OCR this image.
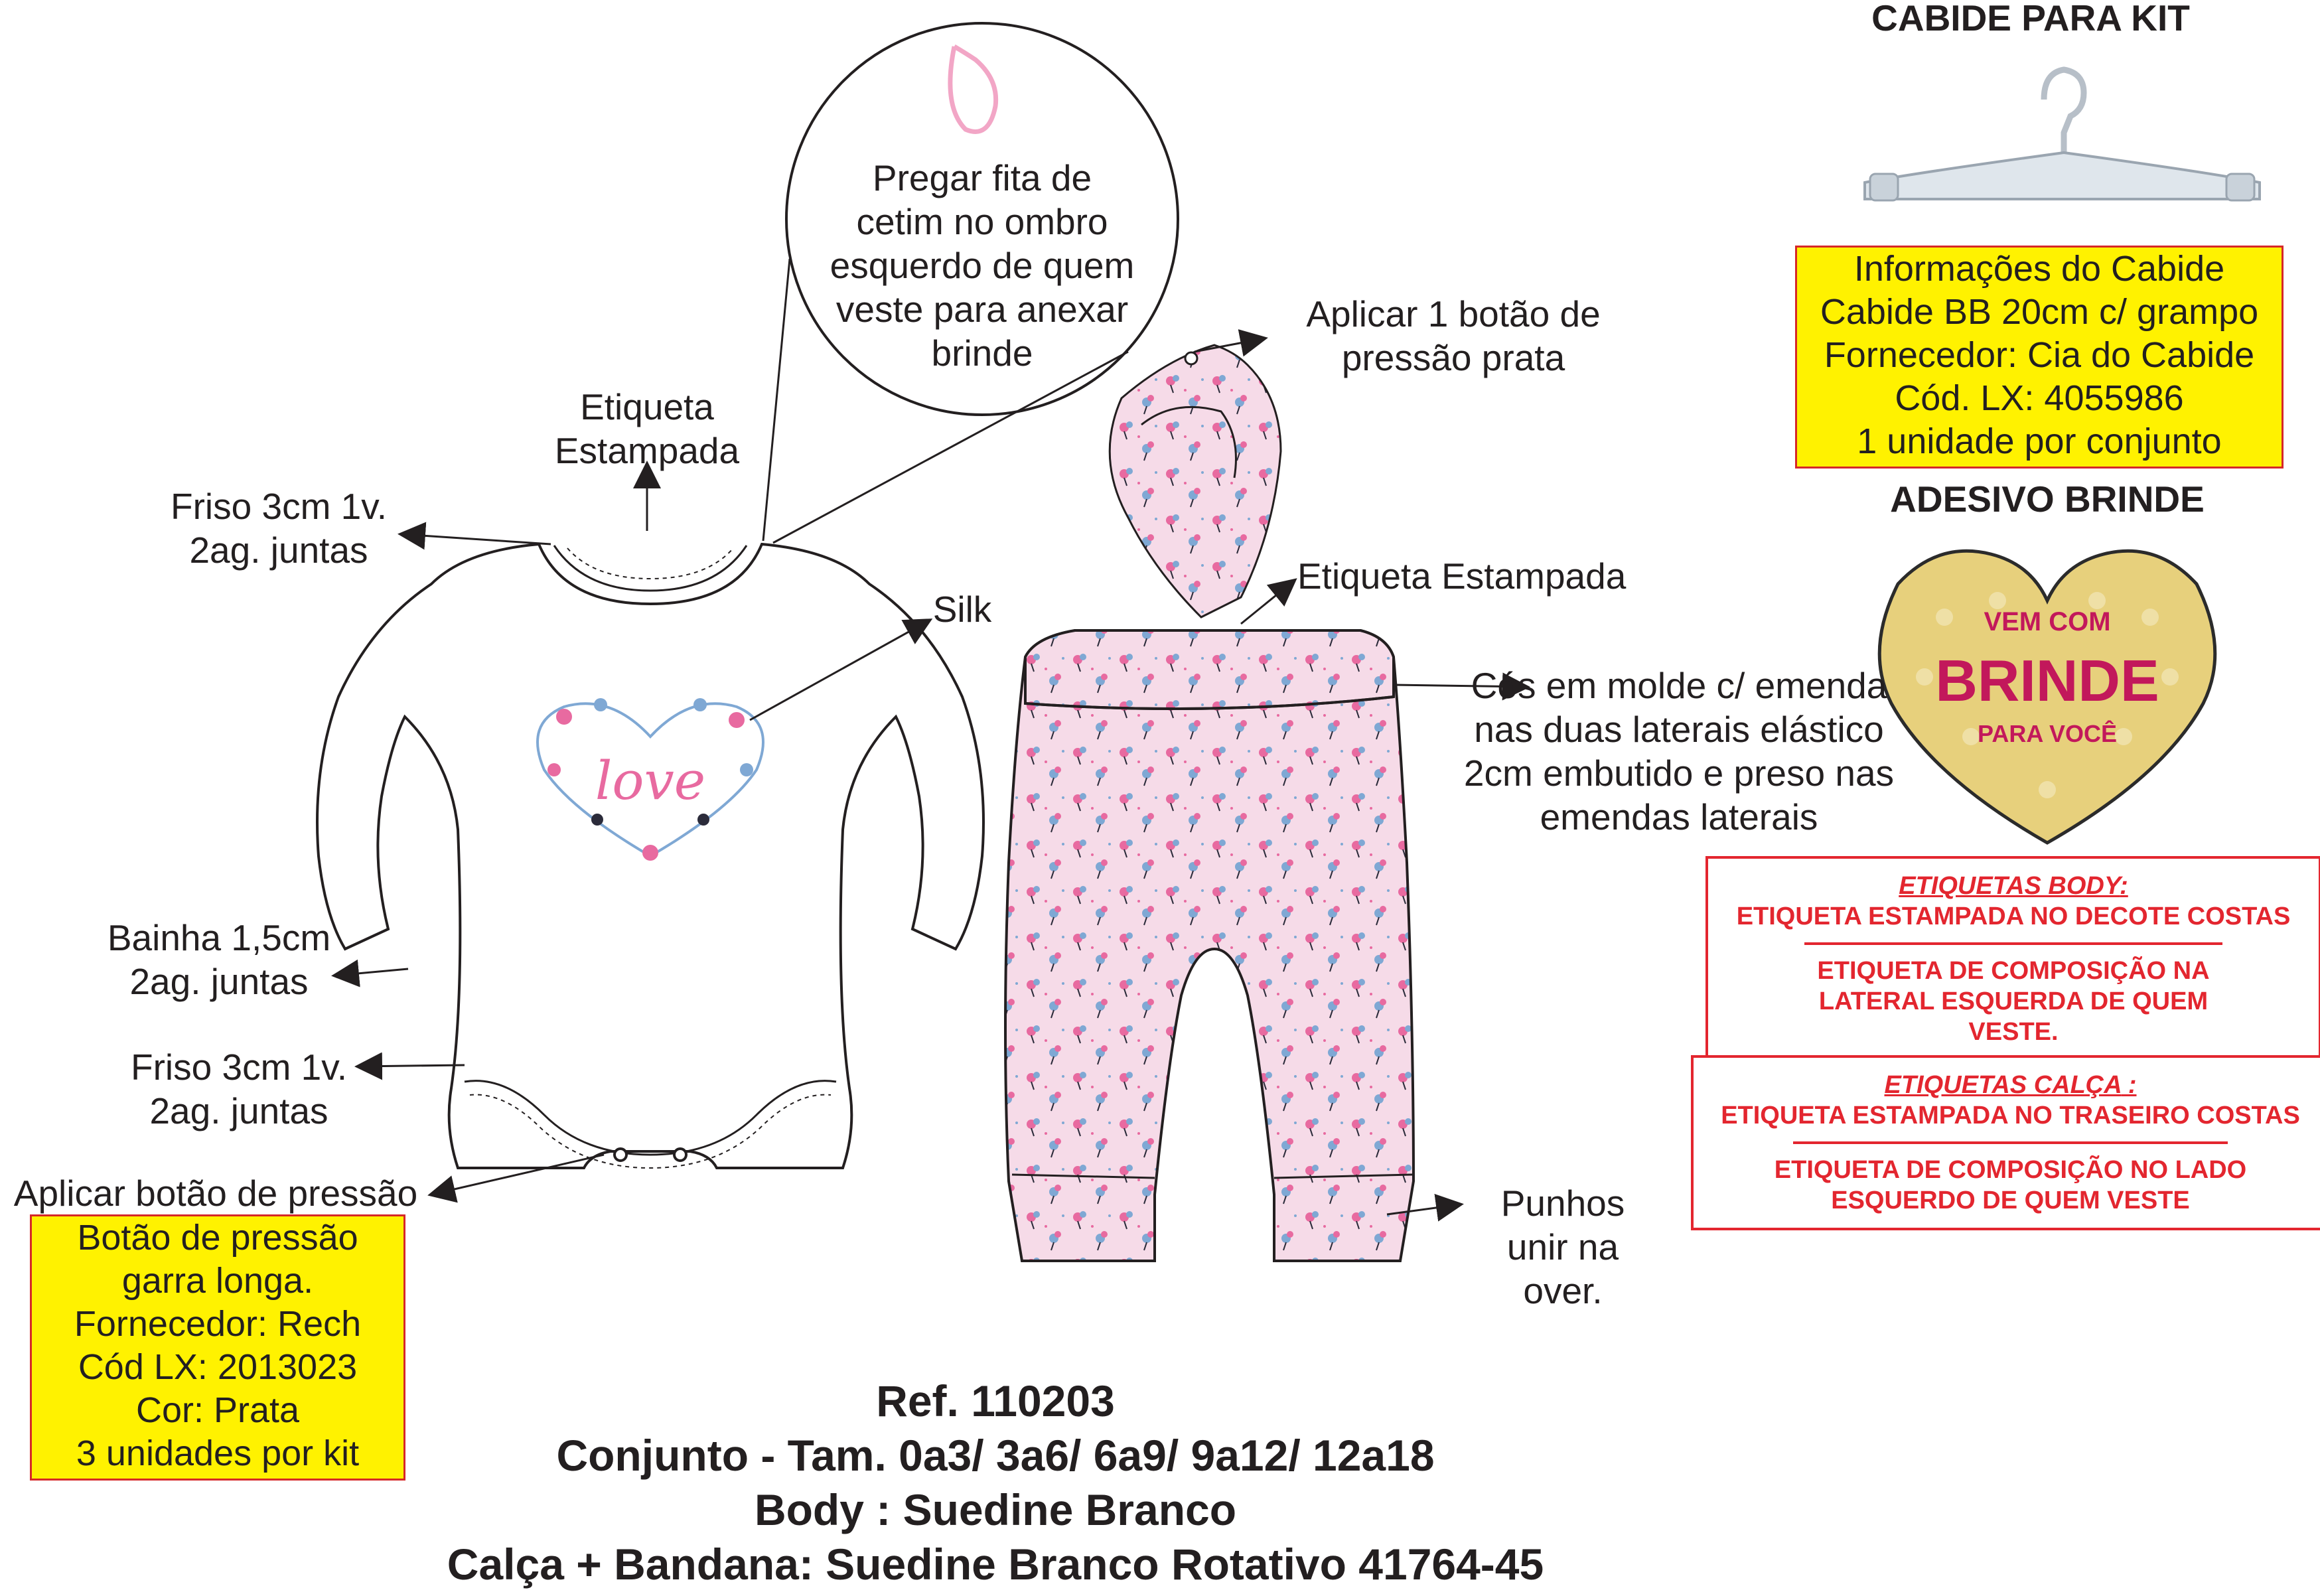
Pregar fita de cetim no ombro esquerdo de quem veste para anexar brinde
Etiqueta Estampada
Friso 3cm 1v. 2ag. juntas
Silk
Bainha 1,5cm 2ag. juntas
Friso 3cm 1v. 2ag. juntas
Aplicar botão de pressão
love
Botão de pressão
garra longa.
Fornecedor: Rech
Cód LX: 2013023
Cor: Prata
3 unidades por kit
Aplicar 1 botão de pressão prata
Etiqueta Estampada
Cós em molde c/ emenda nas duas laterais elástico 2cm embutido e preso nas emendas laterais
Punhos unir na over.
CABIDE PARA KIT
Informações do Cabide
Cabide BB 20cm c/ grampo
Fornecedor: Cia do Cabide
Cód. LX: 4055986
1 unidade por conjunto
ADESIVO BRINDE
VEM COM
BRINDE
PARA VOCÊ
ETIQUETAS BODY:
ETIQUETA ESTAMPADA NO DECOTE COSTAS
ETIQUETA DE COMPOSIÇÃO NA LATERAL ESQUERDA DE QUEM VESTE.
ETIQUETAS CALÇA :
ETIQUETA ESTAMPADA NO TRASEIRO COSTAS
ETIQUETA DE COMPOSIÇÃO NO LADO ESQUERDO DE QUEM VESTE
Ref. 110203
Conjunto - Tam. 0a3/ 3a6/ 6a9/ 9a12/ 12a18
Body : Suedine Branco
Calça + Bandana: Suedine Branco Rotativo 41764-45
